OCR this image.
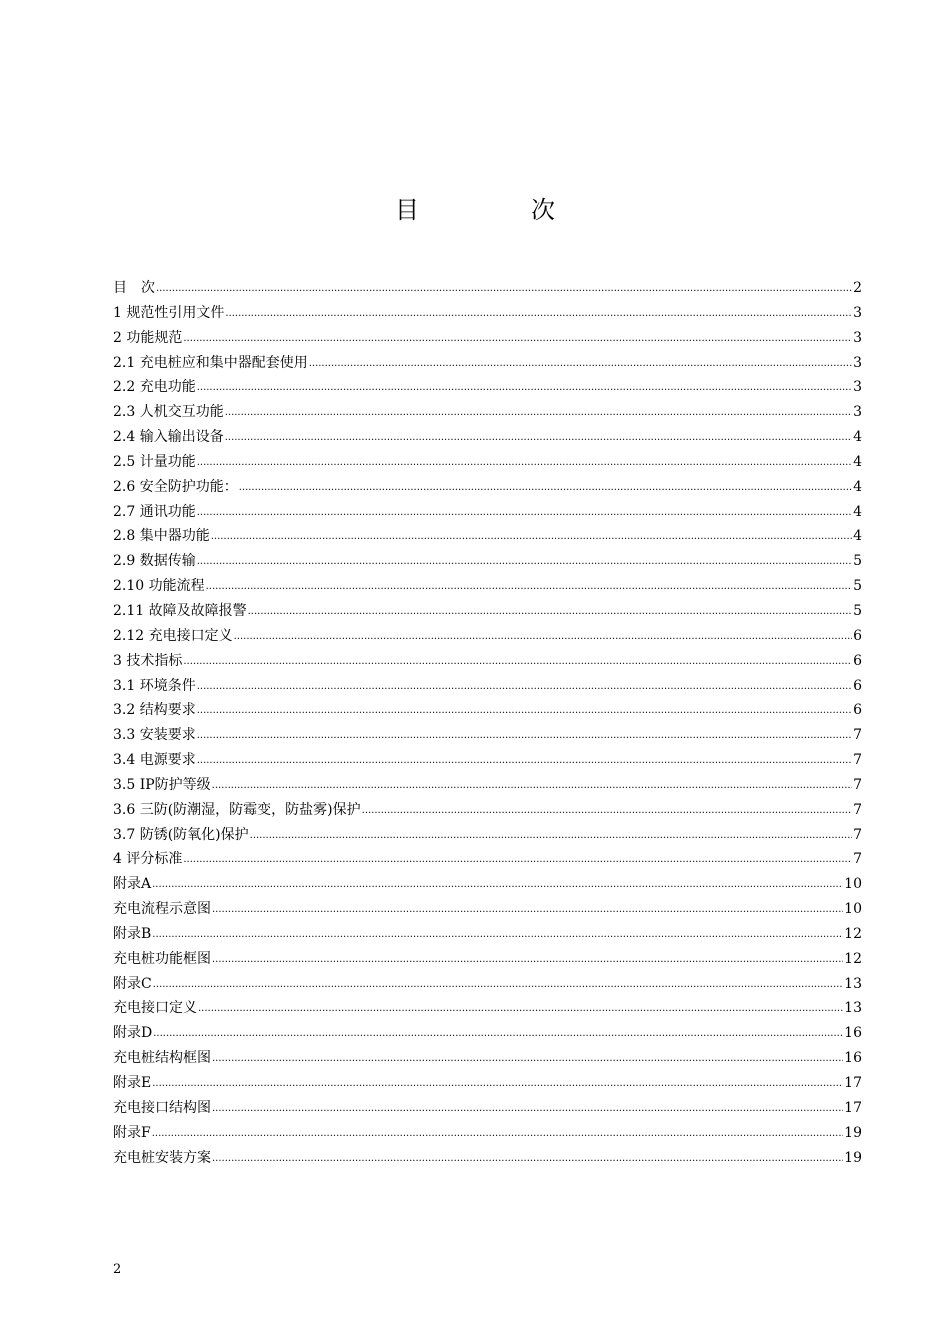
目　次
目　次 .....	2
1 规范性引用文件 .....	3
2 功能规范 .....	3
2.1 充电桩应和集中器配套使用 .....	3
2.2 充电功能 .....	3
2.3 人机交互功能 .....	3
2.4 输入输出设备 .....	4
2.5 计量功能 .....	4
2.6 安全防护功能： .....	4
2.7 通讯功能 .....	4
2.8 集中器功能 .....	4
2.9 数据传输 .....	5
2.10 功能流程 .....	5
2.11 故障及故障报警 .....	5
2.12 充电接口定义 .....	6
3 技术指标 .....	6
3.1 环境条件 .....	6
3.2 结构要求 .....	6
3.3 安装要求 .....	7
3.4 电源要求 .....	7
3.5 IP防护等级 .....	7
3.6 三防(防潮湿，防霉变，防盐雾)保护 .....	7
3.7 防锈(防氧化)保护 .....	7
4 评分标准 .....	7
附录A .....	10
充电流程示意图 .....	10
附录B .....	12
充电桩功能框图 .....	12
附录C .....	13
充电接口定义 .....	13
附录D .....	16
充电桩结构框图 .....	16
附录E .....	17
充电接口结构图 .....	17
附录F .....	19
充电桩安装方案 .....	19
2
